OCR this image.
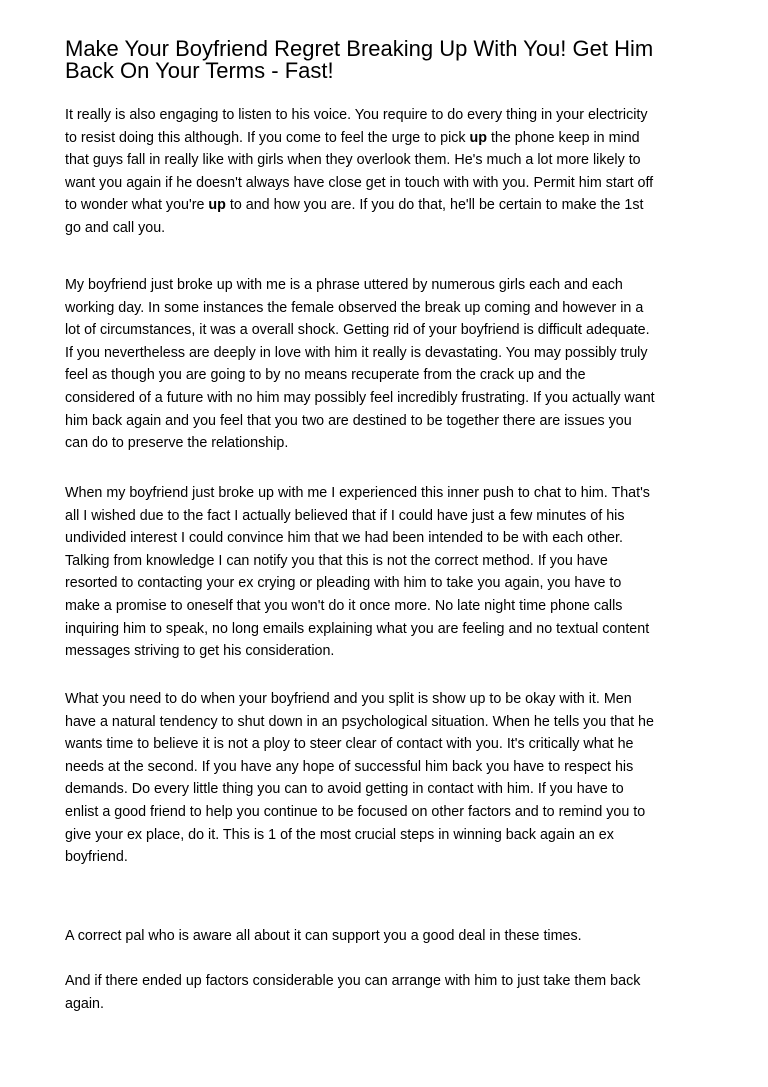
Make Your Boyfriend Regret Breaking Up With You! Get Him
Back On Your Terms - Fast!

It really is also engaging to listen to his voice. You require to do every thing in your electricity
to resist doing this although. If you come to feel the urge to pick up the phone keep in mind
that guys fall in really like with girls when they overlook them. He's much a lot more likely to
want you again if he doesn't always have close get in touch with with you. Permit him start off
to wonder what you're up to and how you are. If you do that, he'll be certain to make the 1st
go and call you.

My boyfriend just broke up with me is a phrase uttered by numerous girls each and each
working day. In some instances the female observed the break up coming and however in a
lot of circumstances, it was a overall shock. Getting rid of your boyfriend is difficult adequate.
If you nevertheless are deeply in love with him it really is devastating. You may possibly truly
feel as though you are going to by no means recuperate from the crack up and the
considered of a future with no him may possibly feel incredibly frustrating. If you actually want
him back again and you feel that you two are destined to be together there are issues you
can do to preserve the relationship.

When my boyfriend just broke up with me I experienced this inner push to chat to him. That's
all I wished due to the fact I actually believed that if I could have just a few minutes of his
undivided interest I could convince him that we had been intended to be with each other.
Talking from knowledge I can notify you that this is not the correct method. If you have
resorted to contacting your ex crying or pleading with him to take you again, you have to
make a promise to oneself that you won't do it once more. No late night time phone calls
inquiring him to speak, no long emails explaining what you are feeling and no textual content
messages striving to get his consideration.

What you need to do when your boyfriend and you split is show up to be okay with it. Men
have a natural tendency to shut down in an psychological situation. When he tells you that he
wants time to believe it is not a ploy to steer clear of contact with you. It's critically what he
needs at the second. If you have any hope of successful him back you have to respect his
demands. Do every little thing you can to avoid getting in contact with him. If you have to
enlist a good friend to help you continue to be focused on other factors and to remind you to
give your ex place, do it. This is 1 of the most crucial steps in winning back again an ex
boyfriend.

A correct pal who is aware all about it can support you a good deal in these times.

And if there ended up factors considerable you can arrange with him to just take them back
again.
